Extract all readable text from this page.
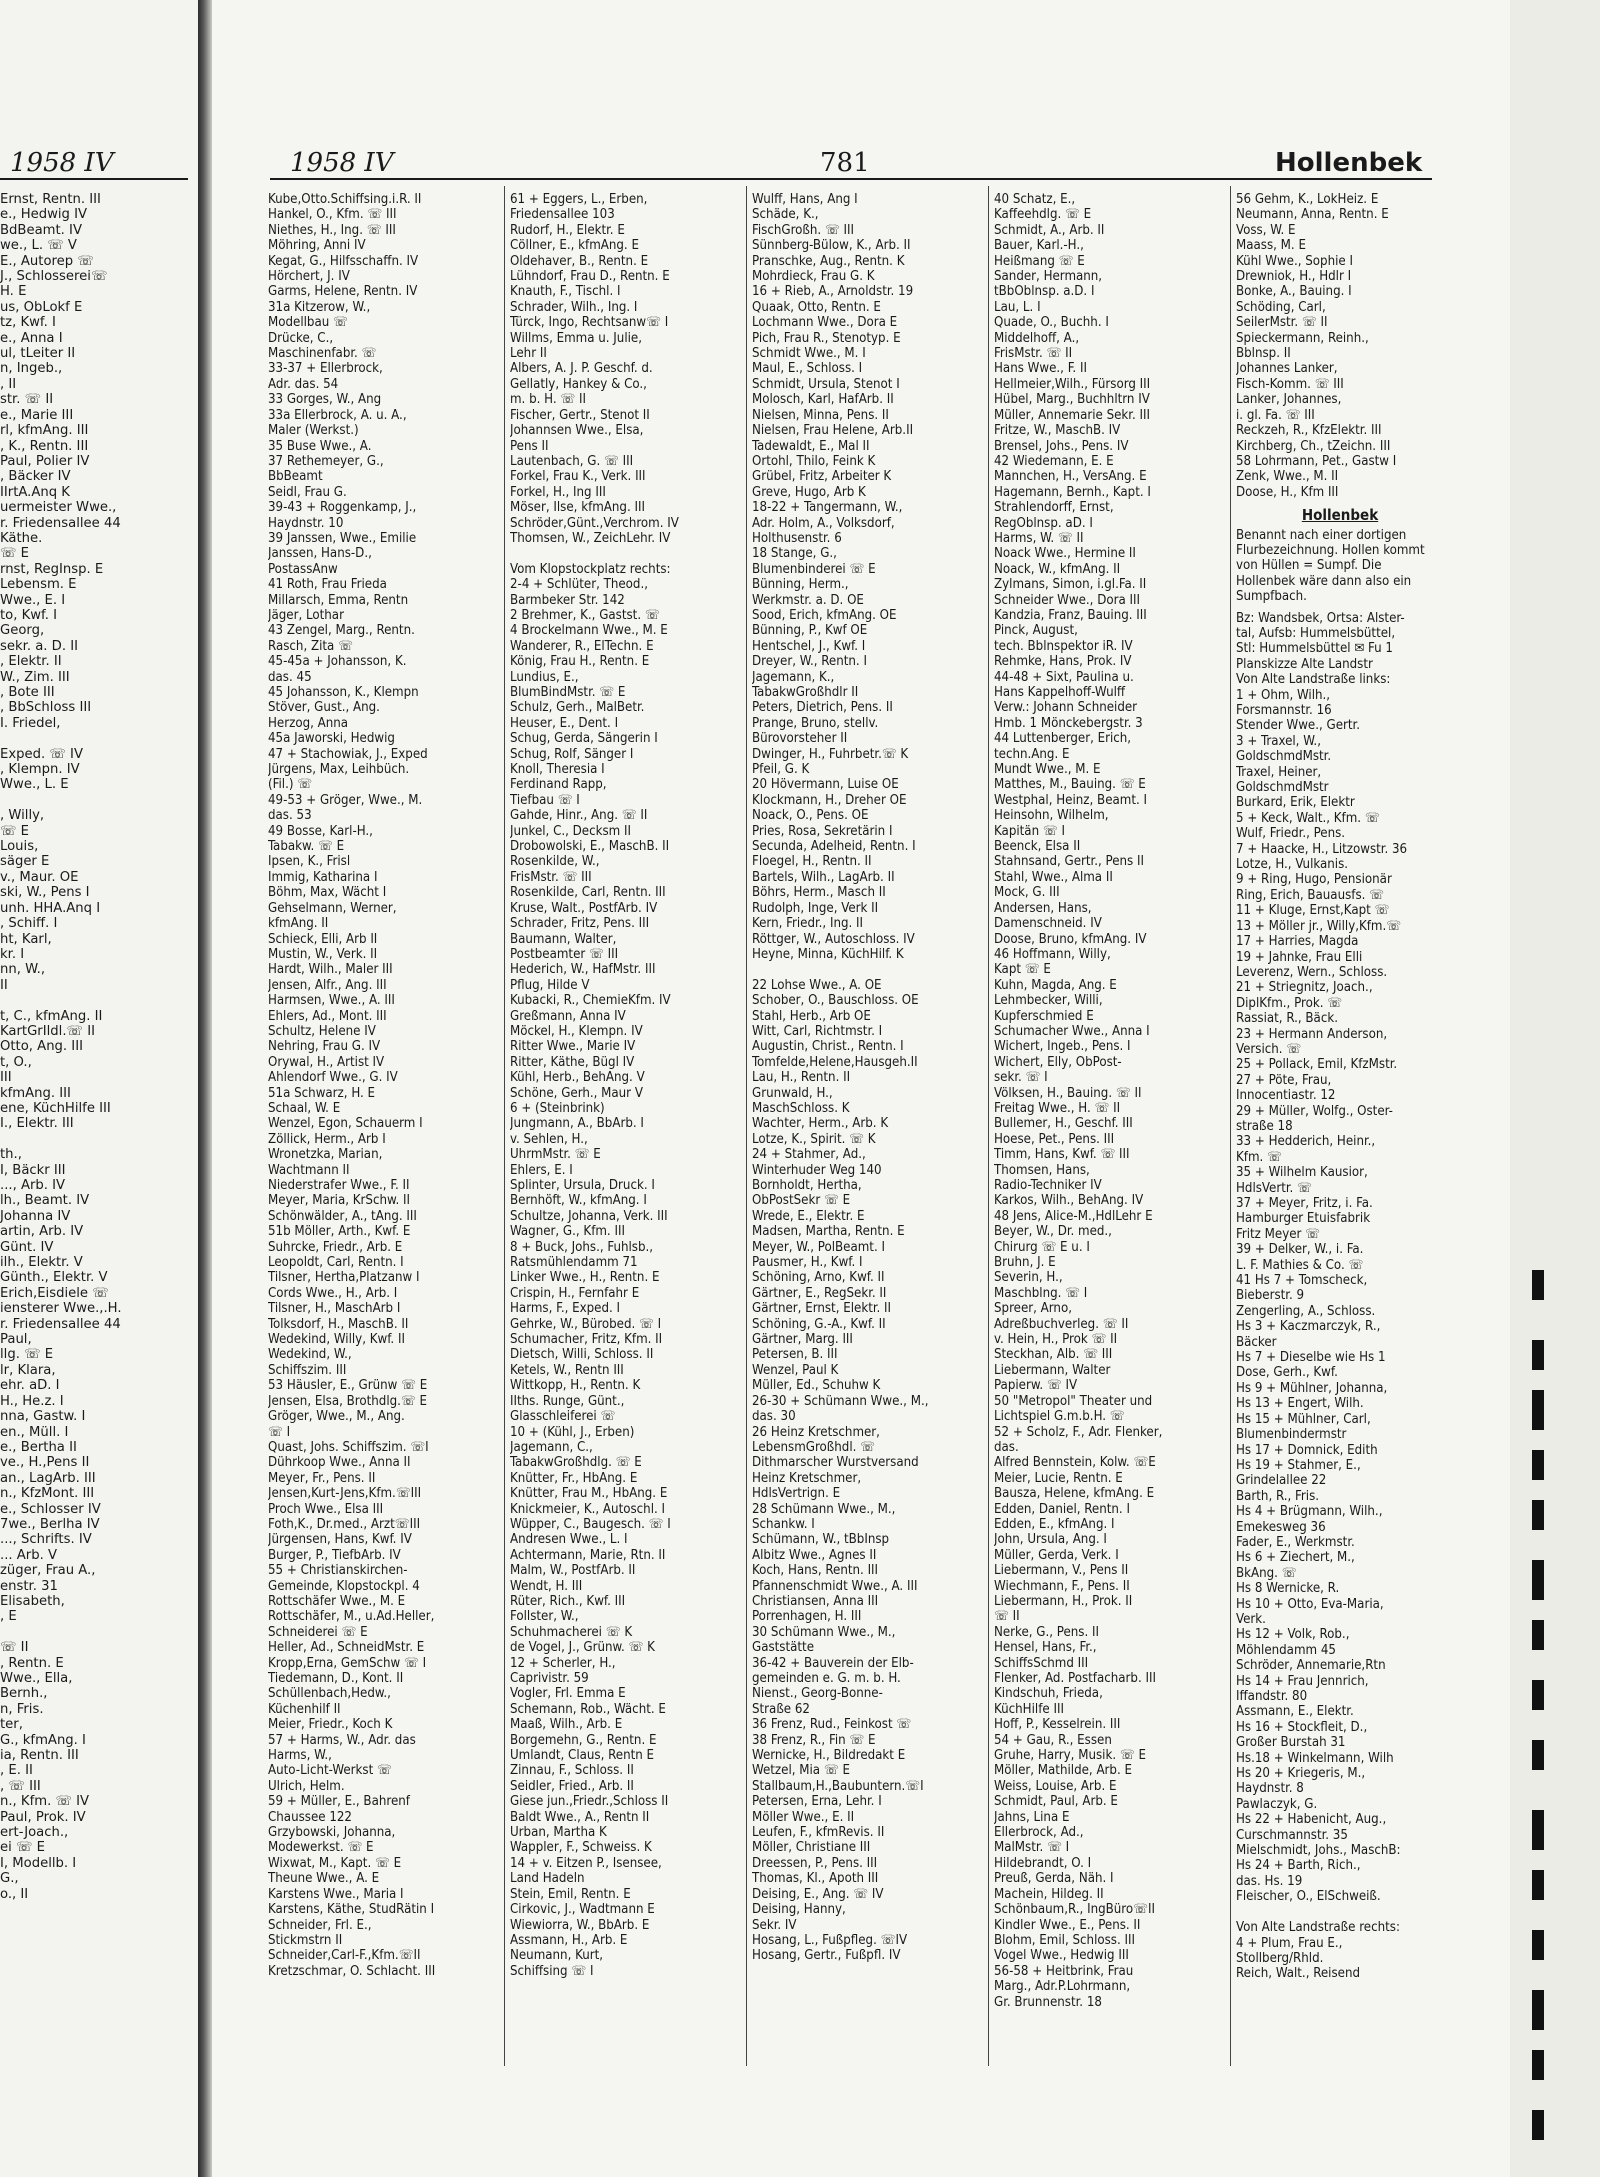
1958 IV
Ernst, Rentn. III
e., Hedwig IV
BdBeamt. IV
we., L. ☏ V
E., Autorep ☏
J., Schlosserei☏
H. E
us, ObLokf E
tz, Kwf. I
e., Anna I
ul, tLeiter II
n, Ingeb.,
, II
str. ☏ II
e., Marie III
rl, kfmAng. III
, K., Rentn. III
Paul, Polier IV
, Bäcker IV
IIrtA.Anq K
uermeister Wwe.,
r. Friedensallee 44
Käthe.
☏ E
rnst, RegInsp. E
Lebensm. E
Wwe., E. I
to, Kwf. I
Georg,
sekr. a. D. II
, Elektr. II
W., Zim. III
, Bote III
, BbSchloss III
I. Friedel,

Exped. ☏ IV
, Klempn. IV
Wwe., L. E

, Willy,
☏ E
Louis,
säger E
v., Maur. OE
ski, W., Pens I
unh. HHA.Anq I
, Schiff. I
ht, Karl,
kr. I
nn, W.,
II

t, C., kfmAng. II
KartGrIldl.☏ II
Otto, Ang. III
t, O.,
III
kfmAng. III
ene, KüchHilfe III
I., Elektr. III

th.,
I, Bäckr III
..., Arb. IV
lh., Beamt. IV
Johanna IV
artin, Arb. IV
Günt. IV
ilh., Elektr. V
Günth., Elektr. V
Erich,Eisdiele ☏
iensterer Wwe.,.H.
r. Friedensallee 44
Paul,
llg. ☏ E
lr, Klara,
ehr. aD. I
H., He.z. I
nna, Gastw. I
en., Müll. I
e., Bertha II
ve., H.,Pens II
an., LagArb. III
n., KfzMont. III
e., Schlosser IV
7we., Berlha IV
..., Schrifts. IV
... Arb. V
züger, Frau A.,
enstr. 31
Elisabeth,
, E

☏ II
, Rentn. E
Wwe., Ella,
Bernh.,
n, Fris.
ter,
G., kfmAng. I
ia, Rentn. III
, E. II
, ☏ III
n., Kfm. ☏ IV
Paul, Prok. IV
ert-Joach.,
ei ☏ E
I, Modellb. I
G.,
o., II
1958 IV	781	Hollenbek
Kube,Otto.Schiffsing.i.R. II
Hankel, O., Kfm. ☏ III
Niethes, H., Ing. ☏ III
Möhring, Anni IV
Kegat, G., Hilfsschaffn. IV
Hörchert, J. IV
Garms, Helene, Rentn. IV
31a Kitzerow, W.,
Modellbau ☏
Drücke, C.,
Maschinenfabr. ☏
33-37 + Ellerbrock,
Adr. das. 54
33 Gorges, W., Ang
33a Ellerbrock, A. u. A.,
Maler (Werkst.)
35 Buse Wwe., A.
37 Rethemeyer, G.,
BbBeamt
Seidl, Frau G.
39-43 + Roggenkamp, J.,
Haydnstr. 10
39 Janssen, Wwe., Emilie
Janssen, Hans-D.,
PostassAnw
41 Roth, Frau Frieda
Millarsch, Emma, Rentn
Jäger, Lothar
43 Zengel, Marg., Rentn.
Rasch, Zita ☏
45-45a + Johansson, K.
das. 45
45 Johansson, K., Klempn
Stöver, Gust., Ang.
Herzog, Anna
45a Jaworski, Hedwig
47 + Stachowiak, J., Exped
Jürgens, Max, Leihbüch.
(Fil.) ☏
49-53 + Gröger, Wwe., M.
das. 53
49 Bosse, Karl-H.,
Tabakw. ☏ E
Ipsen, K., Frisl
Immig, Katharina I
Böhm, Max, Wächt I
Gehselmann, Werner,
kfmAng. II
Schieck, Elli, Arb II
Mustin, W., Verk. II
Hardt, Wilh., Maler III
Jensen, Alfr., Ang. III
Harmsen, Wwe., A. III
Ehlers, Ad., Mont. III
Schultz, Helene IV
Nehring, Frau G. IV
Orywal, H., Artist IV
Ahlendorf Wwe., G. IV
51a Schwarz, H. E
Schaal, W. E
Wenzel, Egon, Schauerm I
Zöllick, Herm., Arb I
Wronetzka, Marian,
Wachtmann II
Niederstrafer Wwe., F. II
Meyer, Maria, KrSchw. II
Schönwälder, A., tAng. III
51b Möller, Arth., Kwf. E
Suhrcke, Friedr., Arb. E
Leopoldt, Carl, Rentn. I
Tilsner, Hertha,Platzanw I
Cords Wwe., H., Arb. I
Tilsner, H., MaschArb I
Tolksdorf, H., MaschB. II
Wedekind, Willy, Kwf. II
Wedekind, W.,
Schiffszim. III
53 Häusler, E., Grünw ☏ E
Jensen, Elsa, Brothdlg.☏ E
Gröger, Wwe., M., Ang.
☏ I
Quast, Johs. Schiffszim. ☏I
Dührkoop Wwe., Anna II
Meyer, Fr., Pens. II
Jensen,Kurt-Jens,Kfm.☏III
Proch Wwe., Elsa III
Foth,K., Dr.med., Arzt☏III
Jürgensen, Hans, Kwf. IV
Burger, P., TiefbArb. IV
55 + Christianskirchen-
Gemeinde, Klopstockpl. 4
Rottschäfer Wwe., M. E
Rottschäfer, M., u.Ad.Heller,
Schneiderei ☏ E
Heller, Ad., SchneidMstr. E
Kropp,Erna, GemSchw ☏ I
Tiedemann, D., Kont. II
Schüllenbach,Hedw.,
Küchenhilf II
Meier, Friedr., Koch K
57 + Harms, W., Adr. das
Harms, W.,
Auto-Licht-Werkst ☏
Ulrich, Helm.
59 + Müller, E., Bahrenf
Chaussee 122
Grzybowski, Johanna,
Modewerkst. ☏ E
Wixwat, M., Kapt. ☏ E
Theune Wwe., A. E
Karstens Wwe., Maria I
Karstens, Käthe, StudRätin I
Schneider, Frl. E.,
Stickmstrn II
Schneider,Carl-F.,Kfm.☏II
Kretzschmar, O. Schlacht. III
61 + Eggers, L., Erben,
Friedensallee 103
Rudorf, H., Elektr. E
Cöllner, E., kfmAng. E
Oldehaver, B., Rentn. E
Lühndorf, Frau D., Rentn. E
Knauth, F., Tischl. I
Schrader, Wilh., Ing. I
Türck, Ingo, Rechtsanw☏ I
Willms, Emma u. Julie,
Lehr II
Albers, A. J. P. Geschf. d.
Gellatly, Hankey & Co.,
m. b. H. ☏ II
Fischer, Gertr., Stenot II
Johannsen Wwe., Elsa,
Pens II
Lautenbach, G. ☏ III
Forkel, Frau K., Verk. III
Forkel, H., Ing III
Möser, Ilse, kfmAng. III
Schröder,Günt.,Verchrom. IV
Thomsen, W., ZeichLehr. IV

Vom Klopstockplatz rechts:
2-4 + Schlüter, Theod.,
Barmbeker Str. 142
2 Brehmer, K., Gastst. ☏
4 Brockelmann Wwe., M. E
Wanderer, R., ElTechn. E
König, Frau H., Rentn. E
Lundius, E.,
BlumBindMstr. ☏ E
Schulz, Gerh., MalBetr.
Heuser, E., Dent. I
Schug, Gerda, Sängerin I
Schug, Rolf, Sänger I
Knoll, Theresia I
Ferdinand Rapp,
Tiefbau ☏ I
Gahde, Hinr., Ang. ☏ II
Junkel, C., Decksm II
Drobowolski, E., MaschB. II
Rosenkilde, W.,
FrisMstr. ☏ III
Rosenkilde, Carl, Rentn. III
Kruse, Walt., PostfArb. IV
Schrader, Fritz, Pens. III
Baumann, Walter,
Postbeamter ☏ III
Hederich, W., HafMstr. III
Pflug, Hilde V
Kubacki, R., ChemieKfm. IV
Greßmann, Anna IV
Möckel, H., Klempn. IV
Ritter Wwe., Marie IV
Ritter, Käthe, Bügl IV
Kühl, Herb., BehAng. V
Schöne, Gerh., Maur V
6 + (Steinbrink)
Jungmann, A., BbArb. I
v. Sehlen, H.,
UhrmMstr. ☏ E
Ehlers, E. I
Splinter, Ursula, Druck. I
Bernhöft, W., kfmAng. I
Schultze, Johanna, Verk. III
Wagner, G., Kfm. III
8 + Buck, Johs., Fuhlsb.,
Ratsmühlendamm 71
Linker Wwe., H., Rentn. E
Crispin, H., Fernfahr E
Harms, F., Exped. I
Gehrke, W., Bürobed. ☏ I
Schumacher, Fritz, Kfm. II
Dietsch, Willi, Schloss. II
Ketels, W., Rentn III
Wittkopp, H., Rentn. K
IIths. Runge, Günt.,
Glasschleiferei ☏
10 + (Kühl, J., Erben)
Jagemann, C.,
TabakwGroßhdlg. ☏ E
Knütter, Fr., HbAng. E
Knütter, Frau M., HbAng. E
Knickmeier, K., Autoschl. I
Wüpper, C., Baugesch. ☏ I
Andresen Wwe., L. I
Achtermann, Marie, Rtn. II
Malm, W., PostfArb. II
Wendt, H. III
Rüter, Rich., Kwf. III
Follster, W.,
Schuhmacherei ☏ K
de Vogel, J., Grünw. ☏ K
12 + Scherler, H.,
Caprivistr. 59
Vogler, Frl. Emma E
Schemann, Rob., Wächt. E
Maaß, Wilh., Arb. E
Borgemehn, G., Rentn. E
Umlandt, Claus, Rentn E
Zinnau, F., Schloss. II
Seidler, Fried., Arb. II
Giese jun.,Friedr.,Schloss II
Baldt Wwe., A., Rentn II
Urban, Martha K
Wappler, F., Schweiss. K
14 + v. Eitzen P., Isensee,
Land Hadeln
Stein, Emil, Rentn. E
Cirkovic, J., Wadtmann E
Wiewiorra, W., BbArb. E
Assmann, H., Arb. E
Neumann, Kurt,
Schiffsing ☏ I
Wulff, Hans, Ang I
Schäde, K.,
FischGroßh. ☏ III
Sünnberg-Bülow, K., Arb. II
Pranschke, Aug., Rentn. K
Mohrdieck, Frau G. K
16 + Rieb, A., Arnoldstr. 19
Quaak, Otto, Rentn. E
Lochmann Wwe., Dora E
Pich, Frau R., Stenotyp. E
Schmidt Wwe., M. I
Maul, E., Schloss. I
Schmidt, Ursula, Stenot I
Molosch, Karl, HafArb. II
Nielsen, Minna, Pens. II
Nielsen, Frau Helene, Arb.II
Tadewaldt, E., Mal II
Ortohl, Thilo, Feink K
Grübel, Fritz, Arbeiter K
Greve, Hugo, Arb K
18-22 + Tangermann, W.,
Adr. Holm, A., Volksdorf,
Holthusenstr. 6
18 Stange, G.,
Blumenbinderei ☏ E
Bünning, Herm.,
Werkmstr. a. D. OE
Sood, Erich, kfmAng. OE
Bünning, P., Kwf OE
Hentschel, J., Kwf. I
Dreyer, W., Rentn. I
Jagemann, K.,
TabakwGroßhdlr II
Peters, Dietrich, Pens. II
Prange, Bruno, stellv.
Bürovorsteher II
Dwinger, H., Fuhrbetr.☏ K
Pfeil, G. K
20 Hövermann, Luise OE
Klockmann, H., Dreher OE
Noack, O., Pens. OE
Pries, Rosa, Sekretärin I
Secunda, Adelheid, Rentn. I
Floegel, H., Rentn. II
Bartels, Wilh., LagArb. II
Böhrs, Herm., Masch II
Rudolph, Inge, Verk II
Kern, Friedr., Ing. II
Röttger, W., Autoschloss. IV
Heyne, Minna, KüchHilf. K

22 Lohse Wwe., A. OE
Schober, O., Bauschloss. OE
Stahl, Herb., Arb OE
Witt, Carl, Richtmstr. I
Augustin, Christ., Rentn. I
Tomfelde,Helene,Hausgeh.II
Lau, H., Rentn. II
Grunwald, H.,
MaschSchloss. K
Wachter, Herm., Arb. K
Lotze, K., Spirit. ☏ K
24 + Stahmer, Ad.,
Winterhuder Weg 140
Bornholdt, Hertha,
ObPostSekr ☏ E
Wrede, E., Elektr. E
Madsen, Martha, Rentn. E
Meyer, W., PolBeamt. I
Pausmer, H., Kwf. I
Schöning, Arno, Kwf. II
Gärtner, E., RegSekr. II
Gärtner, Ernst, Elektr. II
Schöning, G.-A., Kwf. II
Gärtner, Marg. III
Petersen, B. III
Wenzel, Paul K
Müller, Ed., Schuhw K
26-30 + Schümann Wwe., M.,
das. 30
26 Heinz Kretschmer,
LebensmGroßhdl. ☏
Dithmarscher Wurstversand
Heinz Kretschmer,
HdlsVertrign. E
28 Schümann Wwe., M.,
Schankw. I
Schümann, W., tBbInsp
Albitz Wwe., Agnes II
Koch, Hans, Rentn. III
Pfannenschmidt Wwe., A. III
Christiansen, Anna III
Porrenhagen, H. III
30 Schümann Wwe., M.,
Gaststätte
36-42 + Bauverein der Elb-
gemeinden e. G. m. b. H.
Nienst., Georg-Bonne-
Straße 62
36 Frenz, Rud., Feinkost ☏
38 Frenz, R., Fin ☏ E
Wernicke, H., Bildredakt E
Wetzel, Mia ☏ E
Stallbaum,H.,Baubuntern.☏I
Petersen, Erna, Lehr. I
Möller Wwe., E. II
Leufen, F., kfmRevis. II
Möller, Christiane III
Dreessen, P., Pens. III
Thomas, Kl., Apoth III
Deising, E., Ang. ☏ IV
Deising, Hanny,
Sekr. IV
Hosang, L., Fußpfleg. ☏IV
Hosang, Gertr., Fußpfl. IV
40 Schatz, E.,
Kaffeehdlg. ☏ E
Schmidt, A., Arb. II
Bauer, Karl.-H.,
Heißmang ☏ E
Sander, Hermann,
tBbOblnsp. a.D. I
Lau, L. I
Quade, O., Buchh. I
Middelhoff, A.,
FrisMstr. ☏ II
Hans Wwe., F. II
Hellmeier,Wilh., Fürsorg III
Hübel, Marg., Buchhltrn IV
Müller, Annemarie Sekr. III
Fritze, W., MaschB. IV
Brensel, Johs., Pens. IV
42 Wiedemann, E. E
Mannchen, H., VersAng. E
Hagemann, Bernh., Kapt. I
Strahlendorff, Ernst,
RegOblnsp. aD. I
Harms, W. ☏ II
Noack Wwe., Hermine II
Noack, W., kfmAng. II
Zylmans, Simon, i.gl.Fa. II
Schneider Wwe., Dora III
Kandzia, Franz, Bauing. III
Pinck, August,
tech. Bblnspektor iR. IV
Rehmke, Hans, Prok. IV
44-48 + Sixt, Paulina u.
Hans Kappelhoff-Wulff
Verw.: Johann Schneider
Hmb. 1 Mönckebergstr. 3
44 Luttenberger, Erich,
techn.Ang. E
Mundt Wwe., M. E
Matthes, M., Bauing. ☏ E
Westphal, Heinz, Beamt. I
Heinsohn, Wilhelm,
Kapitän ☏ I
Beenck, Elsa II
Stahnsand, Gertr., Pens II
Stahl, Wwe., Alma II
Mock, G. III
Andersen, Hans,
Damenschneid. IV
Doose, Bruno, kfmAng. IV
46 Hoffmann, Willy,
Kapt ☏ E
Kuhn, Magda, Ang. E
Lehmbecker, Willi,
Kupferschmied E
Schumacher Wwe., Anna I
Wichert, Ingeb., Pens. I
Wichert, Elly, ObPost-
sekr. ☏ I
Völksen, H., Bauing. ☏ II
Freitag Wwe., H. ☏ II
Bullemer, H., Geschf. III
Hoese, Pet., Pens. III
Timm, Hans, Kwf. ☏ III
Thomsen, Hans,
Radio-Techniker IV
Karkos, Wilh., BehAng. IV
48 Jens, Alice-M.,HdlLehr E
Beyer, W., Dr. med.,
Chirurg ☏ E u. I
Bruhn, J. E
Severin, H.,
Maschblng. ☏ I
Spreer, Arno,
Adreßbuchverleg. ☏ II
v. Hein, H., Prok ☏ II
Steckhan, Alb. ☏ III
Liebermann, Walter
Papierw. ☏ IV
50 "Metropol" Theater und
Lichtspiel G.m.b.H. ☏
52 + Scholz, F., Adr. Flenker,
das.
Alfred Bennstein, Kolw. ☏E
Meier, Lucie, Rentn. E
Bausza, Helene, kfmAng. E
Edden, Daniel, Rentn. I
Edden, E., kfmAng. I
John, Ursula, Ang. I
Müller, Gerda, Verk. I
Liebermann, V., Pens II
Wiechmann, F., Pens. II
Liebermann, H., Prok. II
☏ II
Nerke, G., Pens. II
Hensel, Hans, Fr.,
SchiffsSchmd III
Flenker, Ad. Postfacharb. III
Kindschuh, Frieda,
KüchHilfe III
Hoff, P., Kesselrein. III
54 + Gau, R., Essen
Gruhe, Harry, Musik. ☏ E
Möller, Mathilde, Arb. E
Weiss, Louise, Arb. E
Schmidt, Paul, Arb. E
Jahns, Lina E
Ellerbrock, Ad.,
MalMstr. ☏ I
Hildebrandt, O. I
Preuß, Gerda, Näh. I
Machein, Hildeg. II
Schönbaum,R., IngBüro☏II
Kindler Wwe., E., Pens. II
Blohm, Emil, Schloss. III
Vogel Wwe., Hedwig III
56-58 + Heitbrink, Frau
Marg., Adr.P.Lohrmann,
Gr. Brunnenstr. 18
56 Gehm, K., LokHeiz. E
Neumann, Anna, Rentn. E
Voss, W. E
Maass, M. E
Kühl Wwe., Sophie I
Drewniok, H., Hdlr I
Bonke, A., Bauing. I
Schöding, Carl,
SeilerMstr. ☏ II
Spieckermann, Reinh.,
Bblnsp. II
Johannes Lanker,
Fisch-Komm. ☏ III
Lanker, Johannes,
i. gl. Fa. ☏ III
Reckzeh, R., KfzElektr. III
Kirchberg, Ch., tZeichn. III
58 Lohrmann, Pet., Gastw I
Zenk, Wwe., M. II
Doose, H., Kfm III
Hollenbek
Benannt nach einer dortigen Flurbezeichnung. Hollen kommt von Hüllen = Sumpf. Die Hollenbek wäre dann also ein Sumpfbach.
Bz: Wandsbek, Ortsa: Alster-
tal, Aufsb: Hummelsbüttel,
Stl: Hummelsbüttel ✉ Fu 1
Planskizze Alte Landstr
Von Alte Landstraße links:
1 + Ohm, Wilh.,
Forsmannstr. 16
Stender Wwe., Gertr.
3 + Traxel, W.,
GoldschmdMstr.
Traxel, Heiner,
GoldschmdMstr
Burkard, Erik, Elektr
5 + Keck, Walt., Kfm. ☏
Wulf, Friedr., Pens.
7 + Haacke, H., Litzowstr. 36
Lotze, H., Vulkanis.
9 + Ring, Hugo, Pensionär
Ring, Erich, Bauausfs. ☏
11 + Kluge, Ernst,Kapt ☏
13 + Möller jr., Willy,Kfm.☏
17 + Harries, Magda
19 + Jahnke, Frau Elli
Leverenz, Wern., Schloss.
21 + Striegnitz, Joach.,
DiplKfm., Prok. ☏
Rassiat, R., Bäck.
23 + Hermann Anderson,
Versich. ☏
25 + Pollack, Emil, KfzMstr.
27 + Pöte, Frau,
Innocentiastr. 12
29 + Müller, Wolfg., Oster-
straße 18
33 + Hedderich, Heinr.,
Kfm. ☏
35 + Wilhelm Kausior,
HdlsVertr. ☏
37 + Meyer, Fritz, i. Fa.
Hamburger Etuisfabrik
Fritz Meyer ☏
39 + Delker, W., i. Fa.
L. F. Mathies & Co. ☏
41 Hs 7 + Tomscheck,
Bieberstr. 9
Zengerling, A., Schloss.
Hs 3 + Kaczmarczyk, R.,
Bäcker
Hs 7 + Dieselbe wie Hs 1
Dose, Gerh., Kwf.
Hs 9 + Mühlner, Johanna,
Hs 13 + Engert, Wilh.
Hs 15 + Mühlner, Carl,
Blumenbindermstr
Hs 17 + Domnick, Edith
Hs 19 + Stahmer, E.,
Grindelallee 22
Barth, R., Fris.
Hs 4 + Brügmann, Wilh.,
Emekesweg 36
Fader, E., Werkmstr.
Hs 6 + Ziechert, M.,
BkAng. ☏
Hs 8 Wernicke, R.
Hs 10 + Otto, Eva-Maria,
Verk.
Hs 12 + Volk, Rob.,
Möhlendamm 45
Schröder, Annemarie,Rtn
Hs 14 + Frau Jennrich,
Iffandstr. 80
Assmann, E., Elektr.
Hs 16 + Stockfleit, D.,
Großer Burstah 31
Hs.18 + Winkelmann, Wilh
Hs 20 + Kriegeris, M.,
Haydnstr. 8
Pawlaczyk, G.
Hs 22 + Habenicht, Aug.,
Curschmannstr. 35
Mielschmidt, Johs., MaschB:
Hs 24 + Barth, Rich.,
das. Hs. 19
Fleischer, O., ElSchweiß.

Von Alte Landstraße rechts:
4 + Plum, Frau E.,
Stollberg/Rhld.
Reich, Walt., Reisend
